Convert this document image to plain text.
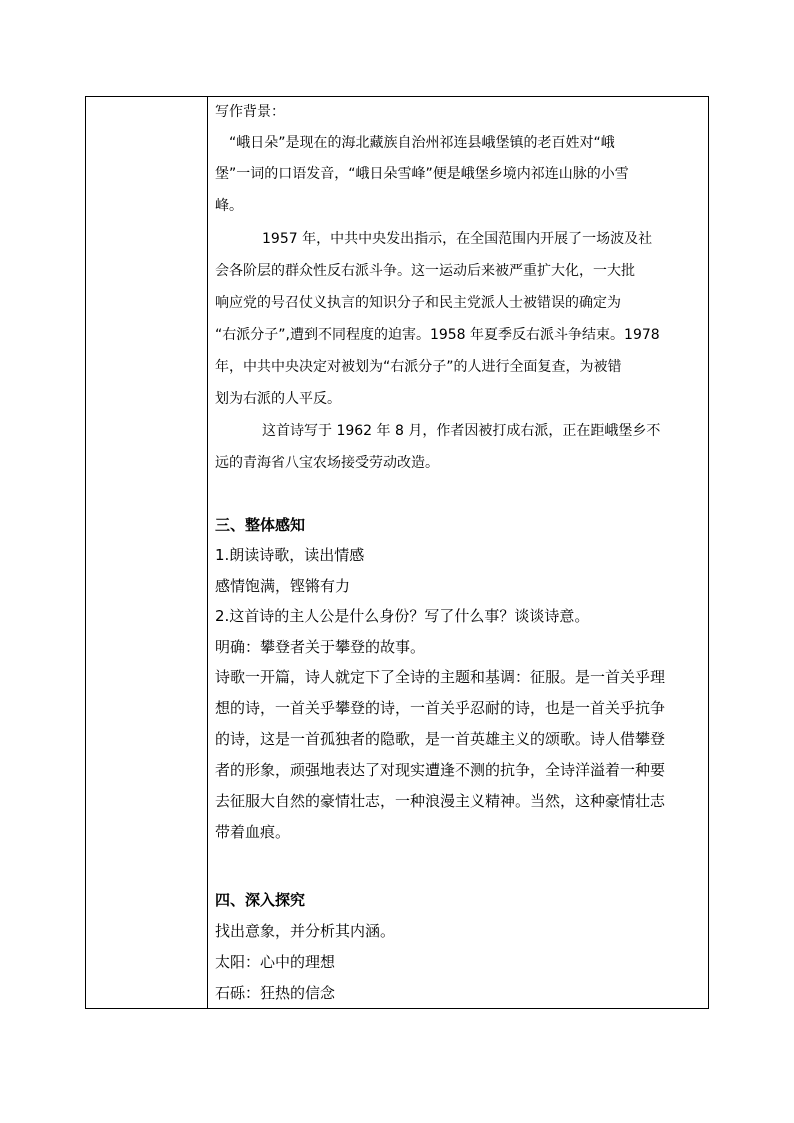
写作背景：
“峨日朵”是现在的海北藏族自治州祁连县峨堡镇的老百姓对“峨
堡”一词的口语发音，“峨日朵雪峰”便是峨堡乡境内祁连山脉的小雪
峰。
1957 年，中共中央发出指示，在全国范围内开展了一场波及社
会各阶层的群众性反右派斗争。这一运动后来被严重扩大化，一大批
响应党的号召仗义执言的知识分子和民主党派人士被错误的确定为
“右派分子”,遭到不同程度的迫害。1958 年夏季反右派斗争结束。1978
年，中共中央决定对被划为“右派分子”的人进行全面复查，为被错
划为右派的人平反。
这首诗写于 1962 年 8 月，作者因被打成右派，正在距峨堡乡不
远的青海省八宝农场接受劳动改造。
三、整体感知
1.朗读诗歌，读出情感
感情饱满，铿锵有力
2.这首诗的主人公是什么身份？写了什么事？谈谈诗意。
明确：攀登者关于攀登的故事。
诗歌一开篇，诗人就定下了全诗的主题和基调：征服。是一首关乎理
想的诗，一首关乎攀登的诗，一首关乎忍耐的诗，也是一首关乎抗争
的诗，这是一首孤独者的隐歌，是一首英雄主义的颂歌。诗人借攀登
者的形象，顽强地表达了对现实遭逢不测的抗争，全诗洋溢着一种要
去征服大自然的豪情壮志，一种浪漫主义精神。当然，这种豪情壮志
带着血痕。
四、深入探究
找出意象，并分析其内涵。
太阳：心中的理想
石砾：狂热的信念
